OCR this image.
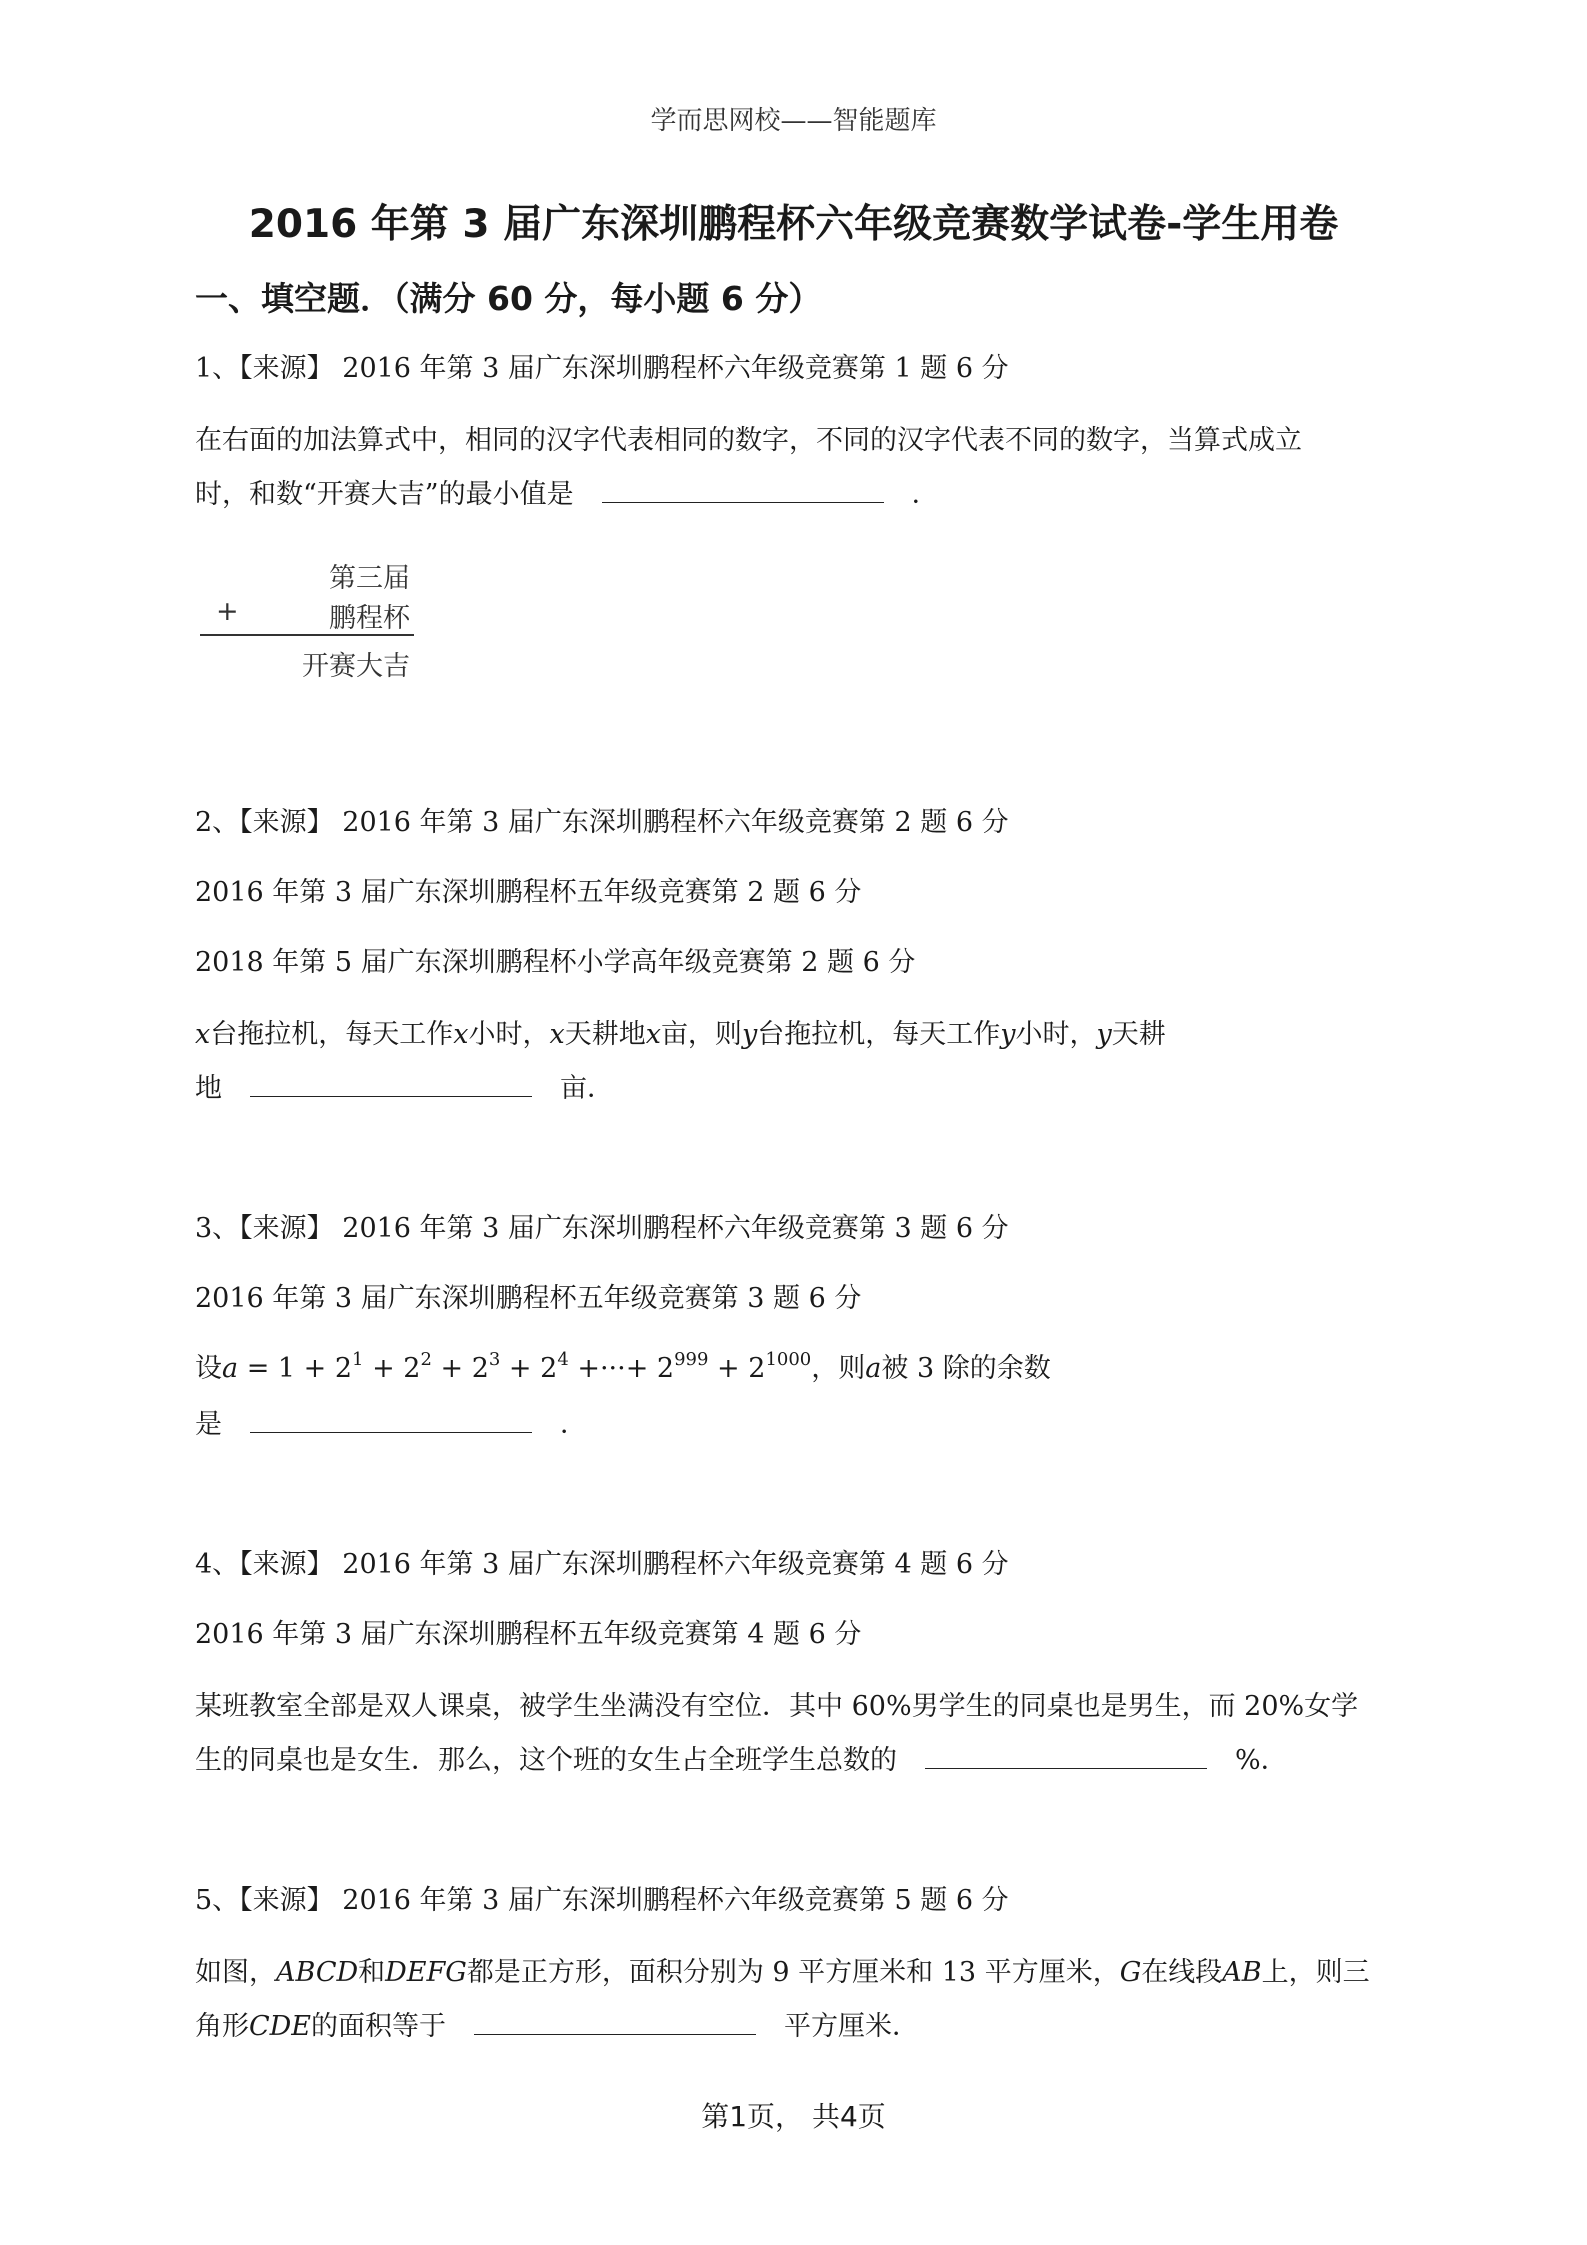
学而思网校——智能题库
2016 年第 3 届广东深圳鹏程杯六年级竞赛数学试卷-学生用卷
一、填空题．（满分 60 分，每小题 6 分）
1、【来源】 2016 年第 3 届广东深圳鹏程杯六年级竞赛第 1 题 6 分
在右面的加法算式中，相同的汉字代表相同的数字，不同的汉字代表不同的数字，当算式成立
时，和数“开赛大吉”的最小值是	．
第三届
+	鹏程杯
开赛大吉
2、【来源】 2016 年第 3 届广东深圳鹏程杯六年级竞赛第 2 题 6 分
2016 年第 3 届广东深圳鹏程杯五年级竞赛第 2 题 6 分
2018 年第 5 届广东深圳鹏程杯小学高年级竞赛第 2 题 6 分
x台拖拉机，每天工作x小时，x天耕地x亩，则y台拖拉机，每天工作y小时，y天耕
地	亩．
3、【来源】 2016 年第 3 届广东深圳鹏程杯六年级竞赛第 3 题 6 分
2016 年第 3 届广东深圳鹏程杯五年级竞赛第 3 题 6 分
设$a = 1 + 2^1 + 2^2 + 2^3 + 2^4$ +···+ $2^{999} + 2^{1000}$，则a被 3 除的余数
是	．
4、【来源】 2016 年第 3 届广东深圳鹏程杯六年级竞赛第 4 题 6 分
2016 年第 3 届广东深圳鹏程杯五年级竞赛第 4 题 6 分
某班教室全部是双人课桌，被学生坐满没有空位．其中 60%男学生的同桌也是男生，而 20%女学
生的同桌也是女生．那么，这个班的女生占全班学生总数的	%．
5、【来源】 2016 年第 3 届广东深圳鹏程杯六年级竞赛第 5 题 6 分
如图，ABCD和DEFG都是正方形，面积分别为 9 平方厘米和 13 平方厘米，G在线段AB上，则三
角形CDE的面积等于	平方厘米．
第1页， 共4页
